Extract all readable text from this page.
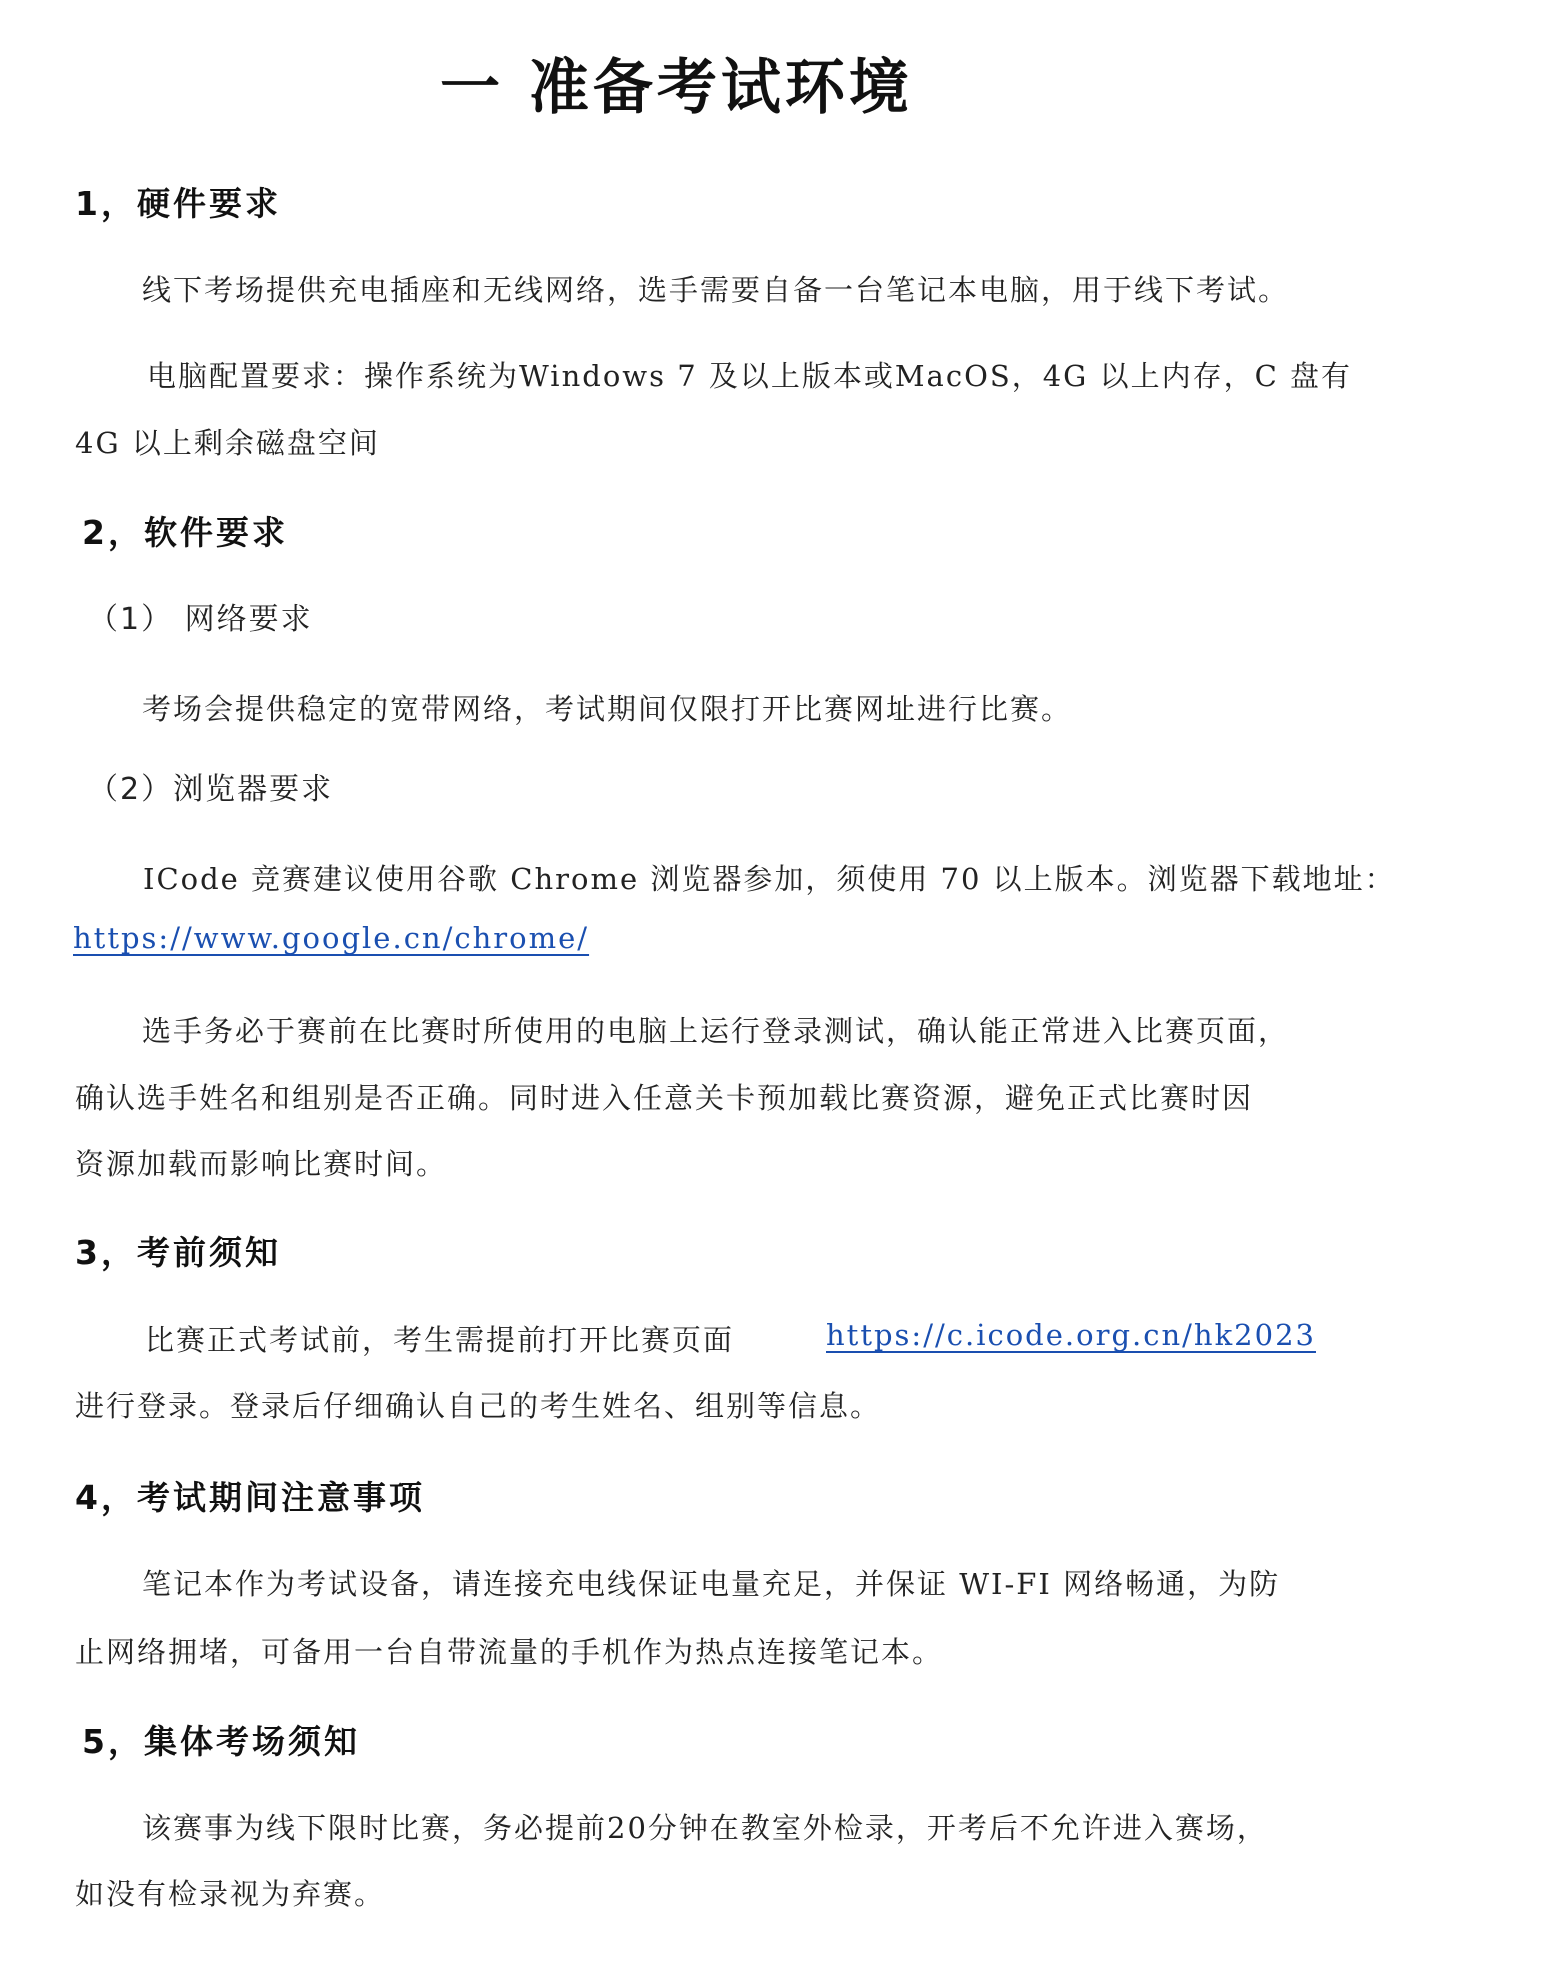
一 准备考试环境
1，硬件要求
线下考场提供充电插座和无线网络，选手需要自备一台笔记本电脑，用于线下考试。
电脑配置要求：操作系统为Windows 7 及以上版本或MacOS，4G 以上内存，C 盘有
4G 以上剩余磁盘空间
2，软件要求
（1） 网络要求
考场会提供稳定的宽带网络，考试期间仅限打开比赛网址进行比赛。
（2）浏览器要求
ICode 竞赛建议使用谷歌 Chrome 浏览器参加，须使用 70 以上版本。浏览器下载地址：
https://www.google.cn/chrome/
选手务必于赛前在比赛时所使用的电脑上运行登录测试，确认能正常进入比赛页面，
确认选手姓名和组别是否正确。同时进入任意关卡预加载比赛资源，避免正式比赛时因
资源加载而影响比赛时间。
3，考前须知
比赛正式考试前，考生需提前打开比赛页面	https://c.icode.org.cn/hk2023
进行登录。登录后仔细确认自己的考生姓名、组别等信息。
4，考试期间注意事项
笔记本作为考试设备，请连接充电线保证电量充足，并保证 WI-FI 网络畅通，为防
止网络拥堵，可备用一台自带流量的手机作为热点连接笔记本。
5，集体考场须知
该赛事为线下限时比赛，务必提前20分钟在教室外检录，开考后不允许进入赛场，
如没有检录视为弃赛。
